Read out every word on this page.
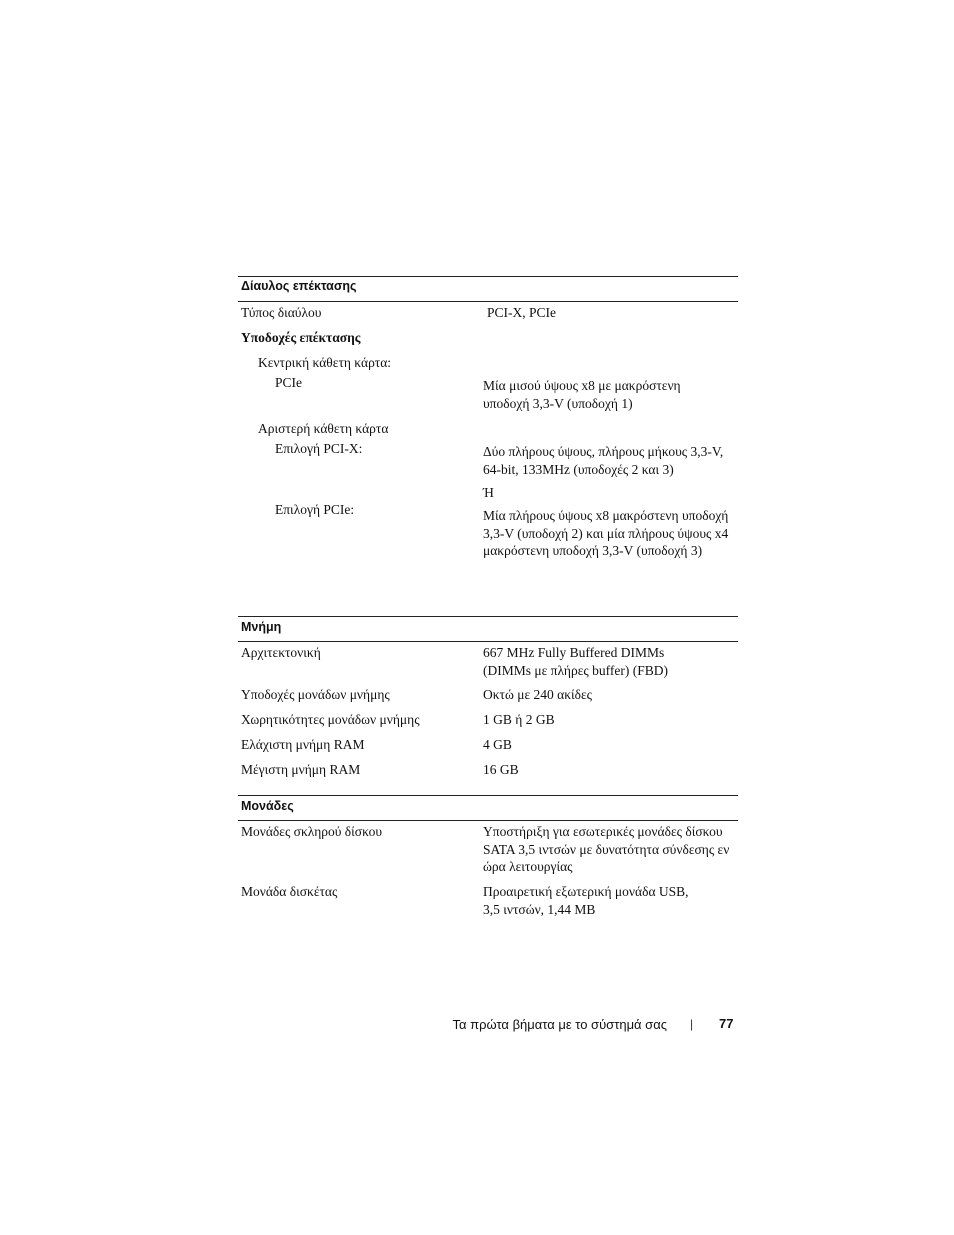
Δίαυλος επέκτασης
Τύπος διαύλου	PCI-X, PCIe
Υποδοχές επέκτασης
Κεντρική κάθετη κάρτα:
PCIe	Μία μισού ύψους x8 με μακρόστενη υποδοχή 3,3-V (υποδοχή 1)
Αριστερή κάθετη κάρτα
Επιλογή PCI-X:	Δύο πλήρους ύψους, πλήρους μήκους 3,3-V, 64-bit, 133MHz (υποδοχές 2 και 3)
Ή
Επιλογή PCIe:	Μία πλήρους ύψους x8 μακρόστενη υποδοχή 3,3-V (υποδοχή 2) και μία πλήρους ύψους x4 μακρόστενη υποδοχή 3,3-V (υποδοχή 3)
Μνήμη
Αρχιτεκτονική	667 MHz Fully Buffered DIMMs (DIMMs με πλήρες buffer) (FBD)
Υποδοχές μονάδων μνήμης	Οκτώ με 240 ακίδες
Χωρητικότητες μονάδων μνήμης	1 GB ή 2 GB
Ελάχιστη μνήμη RAM	4 GB
Μέγιστη μνήμη RAM	16 GB
Μονάδες
Μονάδες σκληρού δίσκου	Υποστήριξη για εσωτερικές μονάδες δίσκου SATA 3,5 ιντσών με δυνατότητα σύνδεσης εν ώρα λειτουργίας
Μονάδα δισκέτας	Προαιρετική εξωτερική μονάδα USB, 3,5 ιντσών, 1,44 MB
Τα πρώτα βήματα με το σύστημά σας | 77
